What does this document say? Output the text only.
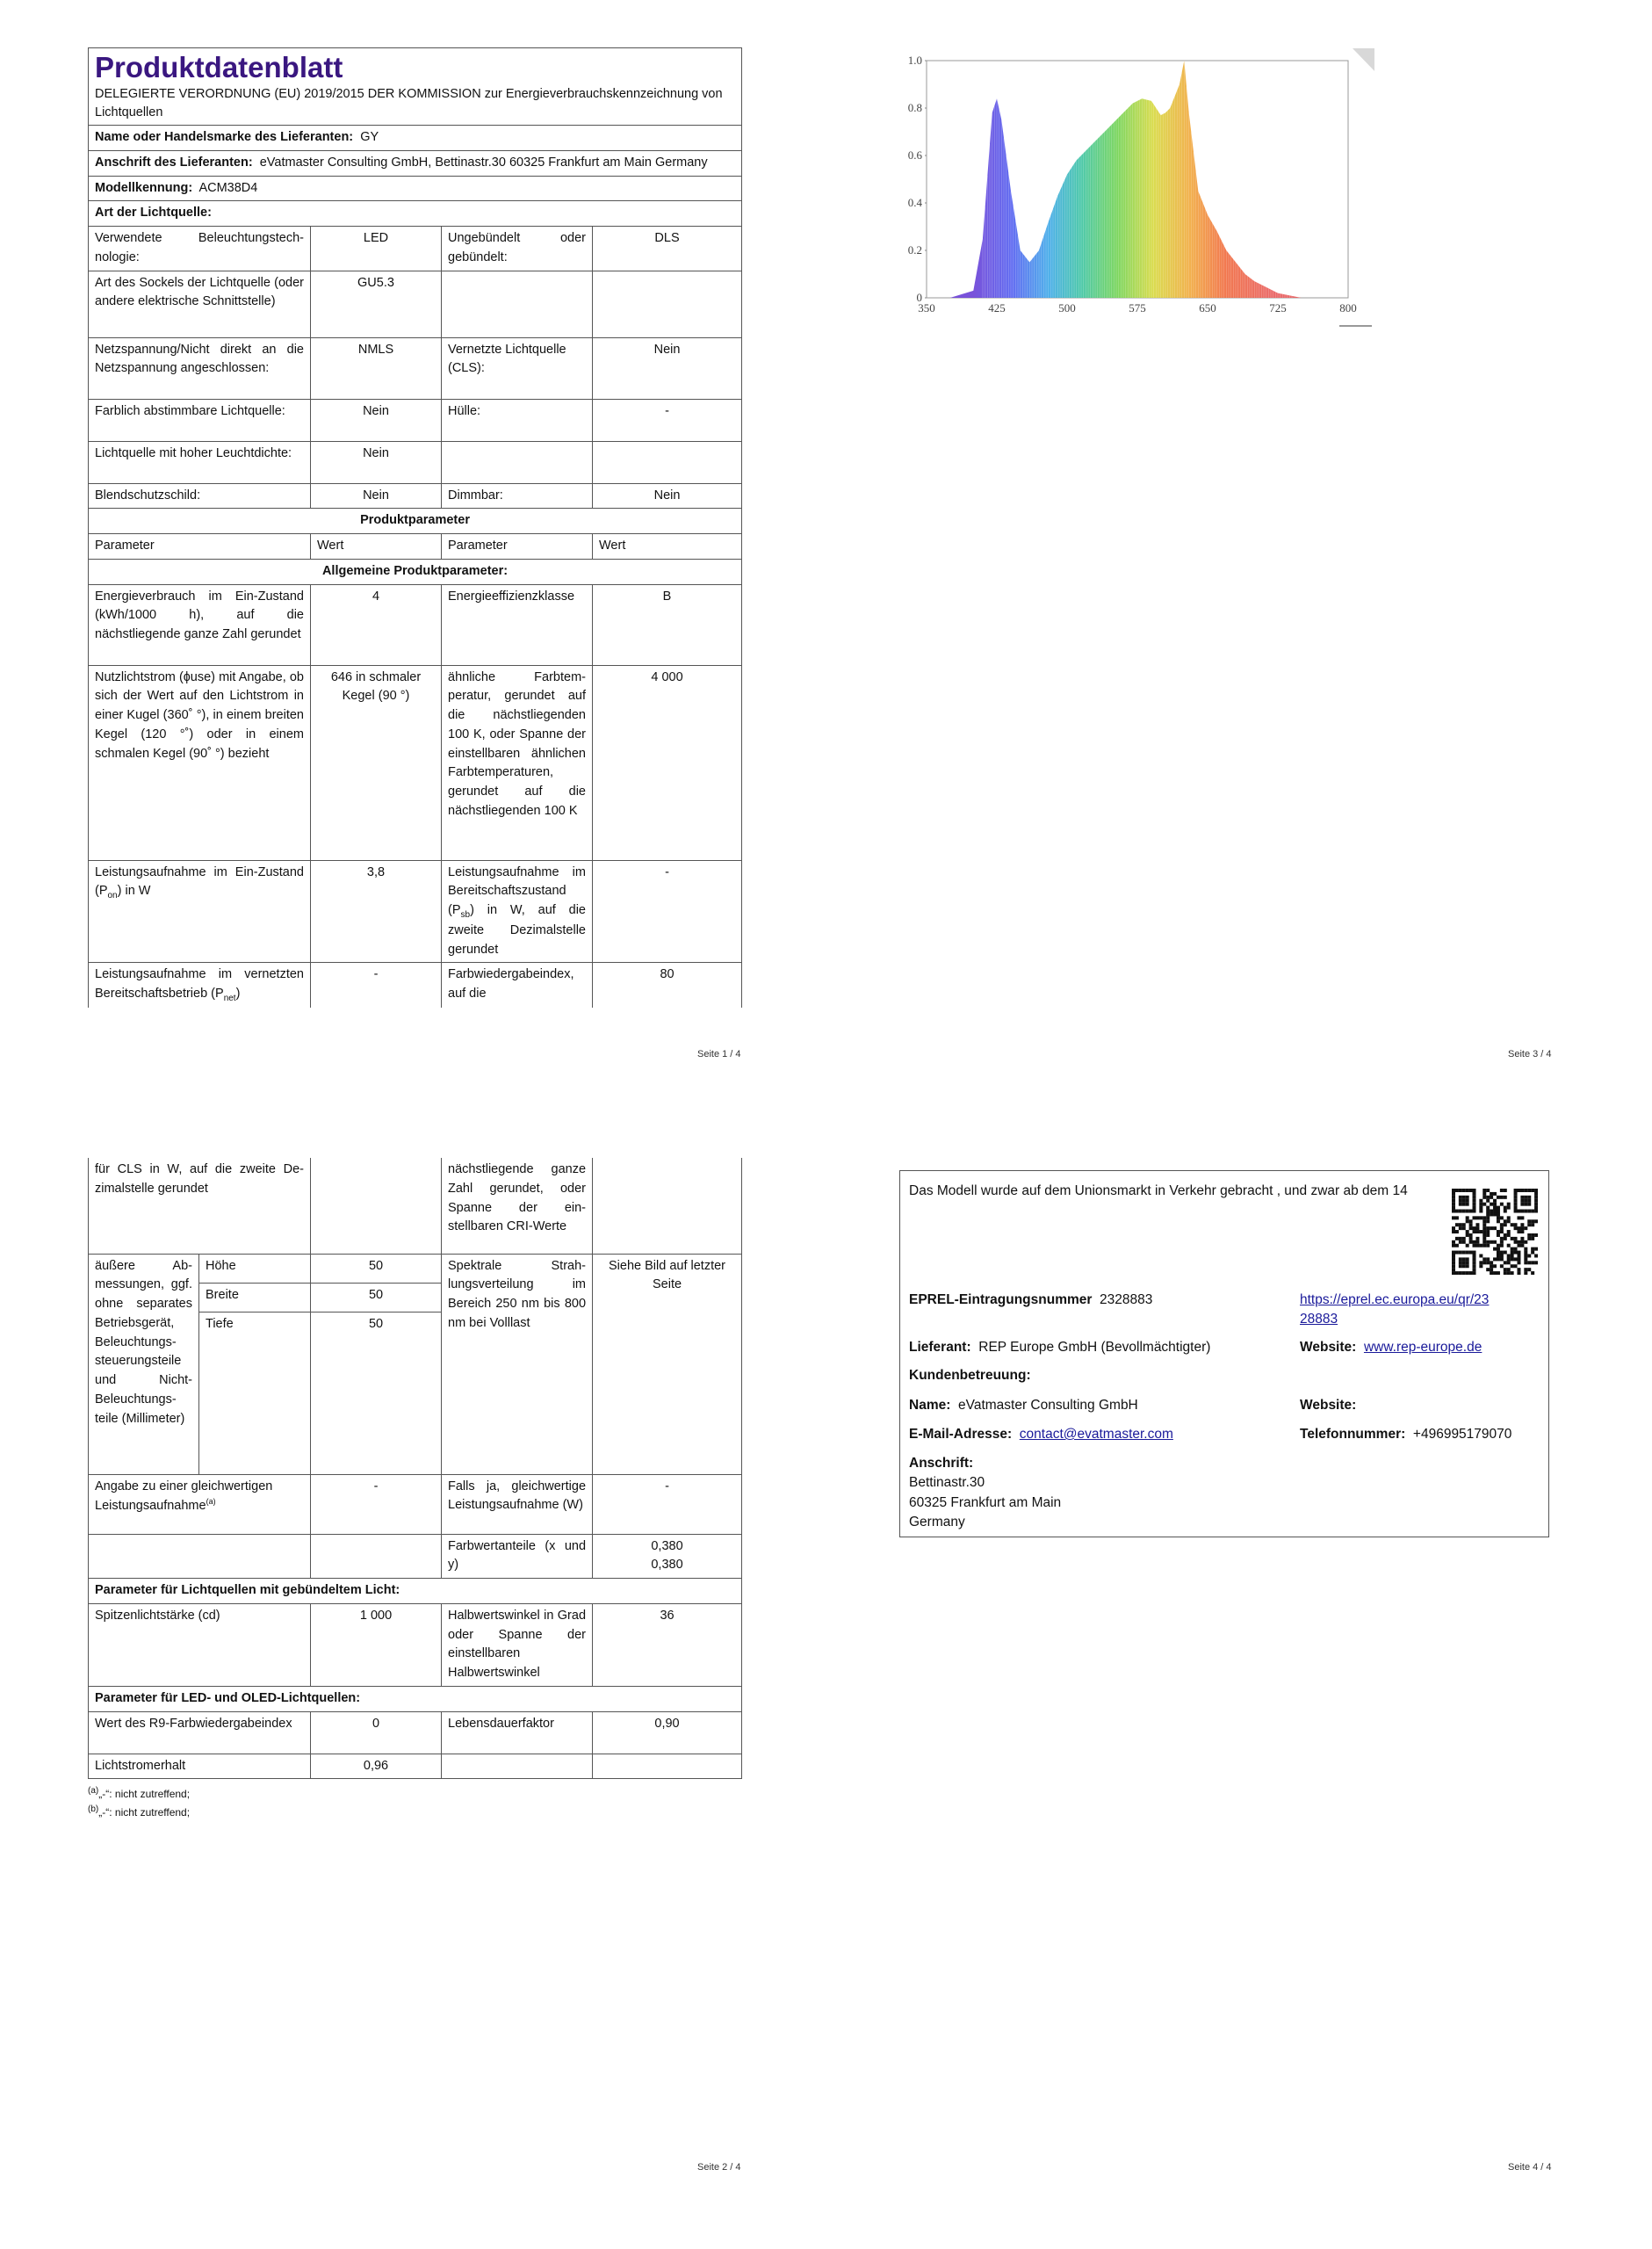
Produktdatenblatt
DELEGIERTE VERORDNUNG (EU) 2019/2015 DER KOMMISSION zur Energieverbrauchskennzeichnung von Lichtquellen			

Name oder Handelsmarke des Lieferanten: GY			
Anschrift des Lieferanten: eVatmaster Consulting GmbH, Bettinastr.30 60325 Frankfurt am Main Germany			
Modellkennung: ACM38D4			
Art der Lichtquelle:			
Verwendete Beleuchtungstechnologie:	LED	Ungebündelt oder gebündelt:	DLS
Art des Sockels der Lichtquelle (oder andere elektrische Schnittstelle)	GU5.3		
Netzspannung/Nicht direkt an die Netzspannung angeschlossen:	NMLS	Vernetzte Lichtquelle (CLS):	Nein
Farblich abstimmbare Lichtquelle:	Nein	Hülle:	-
Lichtquelle mit hoher Leuchtdichte:	Nein		
Blendschutzschild:	Nein	Dimmbar:	Nein
Produktparameter			
Parameter	Wert	Parameter	Wert
Allgemeine Produktparameter:			
Energieverbrauch im Ein-Zustand (kWh/1000 h), auf die nächstliegende ganze Zahl gerundet	4	Energieeffizienzklasse	B
Nutzlichtstrom (ɸuse) mit Angabe, ob sich der Wert auf den Lichtstrom in einer Kugel (360˚ °), in einem breiten Kegel (120 °˚) oder in einem schmalen Kegel (90˚ °) bezieht	646 in schmaler Kegel (90 °)	ähnliche Farbtemperatur, gerundet auf die nächstliegenden 100 K, oder Spanne der einstellbaren ähnlichen Farbtemperaturen, gerundet auf die nächstliegenden 100 K	4 000
Leistungsaufnahme im Ein-Zustand $(P_{on})$ in W	3,8	Leistungsaufnahme im Bereitschaftszustand $(P_{sb})$ in W, auf die zweite Dezimalstelle gerundet	-
Leistungsaufnahme im vernetzten Bereitschaftsbetrieb $(P_{net})$	-	Farbwiedergabeindex, auf die	80
Seite 1 / 4
0
0.2
0.4
0.6
0.8
1.0
350	425	500	575	650	725	800
Seite 3 / 4
für CLS in W, auf die zweite Dezimalstelle gerundet			nächstliegende ganze Zahl gerundet, oder Spanne der einstellbaren CRI-Werte	
äußere Abmessungen, ggf. ohne separates Betriebsgerät, Beleuchtungssteuerungsteile und Nicht-Beleuchtungsteile (Millimeter)	Höhe	50	Spektrale Strahlungsverteilung im Bereich 250 nm bis 800 nm bei Volllast	Siehe Bild auf letzter Seite
	Breite	50		
	Tiefe	50		
Angabe zu einer gleichwertigen Leistungsaufnahme$^{(a)}$		-	Falls ja, gleichwertige Leistungsaufnahme (W)	-
			Farbwertanteile (x und y)	0,380
0,380

Parameter für Lichtquellen mit gebündeltem Licht:				
Spitzenlichtstärke (cd)		1 000	Halbwertswinkel in Grad oder Spanne der einstellbaren Halbwertswinkel	36
Parameter für LED- und OLED-Lichtquellen:				
Wert des R9-Farbwiedergabeindex		0	Lebensdauerfaktor	0,90
Lichtstromerhalt		0,96		
$^{(a)}$„-“: nicht zutreffend;
$^{(b)}$„-“: nicht zutreffend;
Seite 2 / 4
Das Modell wurde auf dem Unionsmarkt in Verkehr gebracht , und zwar ab dem 14
EPREL-Eintragungsnummer 2328883	https://eprel.ec.europa.eu/qr/23
28883
Lieferant: REP Europe GmbH (Bevollmächtigter)	Website: www.rep-europe.de
Kundenbetreuung:
Name: eVatmaster Consulting GmbH	Website:
E-Mail-Adresse: contact@evatmaster.com	Telefonnummer: +496995179070
Anschrift:
Bettinastr.30
60325 Frankfurt am Main
Germany
Seite 4 / 4
